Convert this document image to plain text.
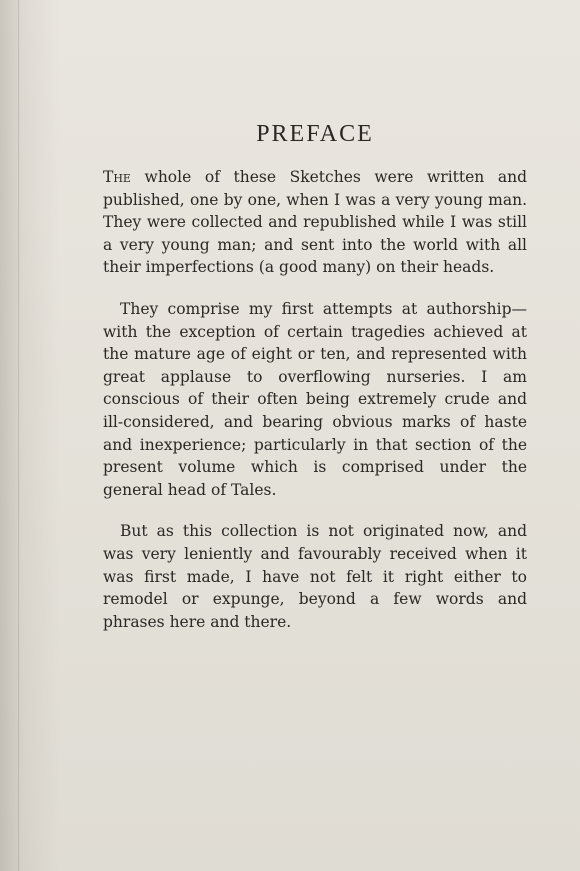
PREFACE

The whole of these Sketches were written and published, one by one, when I was a very young man. They were collected and republished while I was still a very young man; and sent into the world with all their imperfections (a good many) on their heads.

They comprise my first attempts at authorship—with the exception of certain tragedies achieved at the mature age of eight or ten, and represented with great applause to overflowing nurseries. I am conscious of their often being extremely crude and ill-considered, and bearing obvious marks of haste and inexperience; particularly in that section of the present volume which is comprised under the general head of Tales.

But as this collection is not originated now, and was very leniently and favourably received when it was first made, I have not felt it right either to remodel or expunge, beyond a few words and phrases here and there.
